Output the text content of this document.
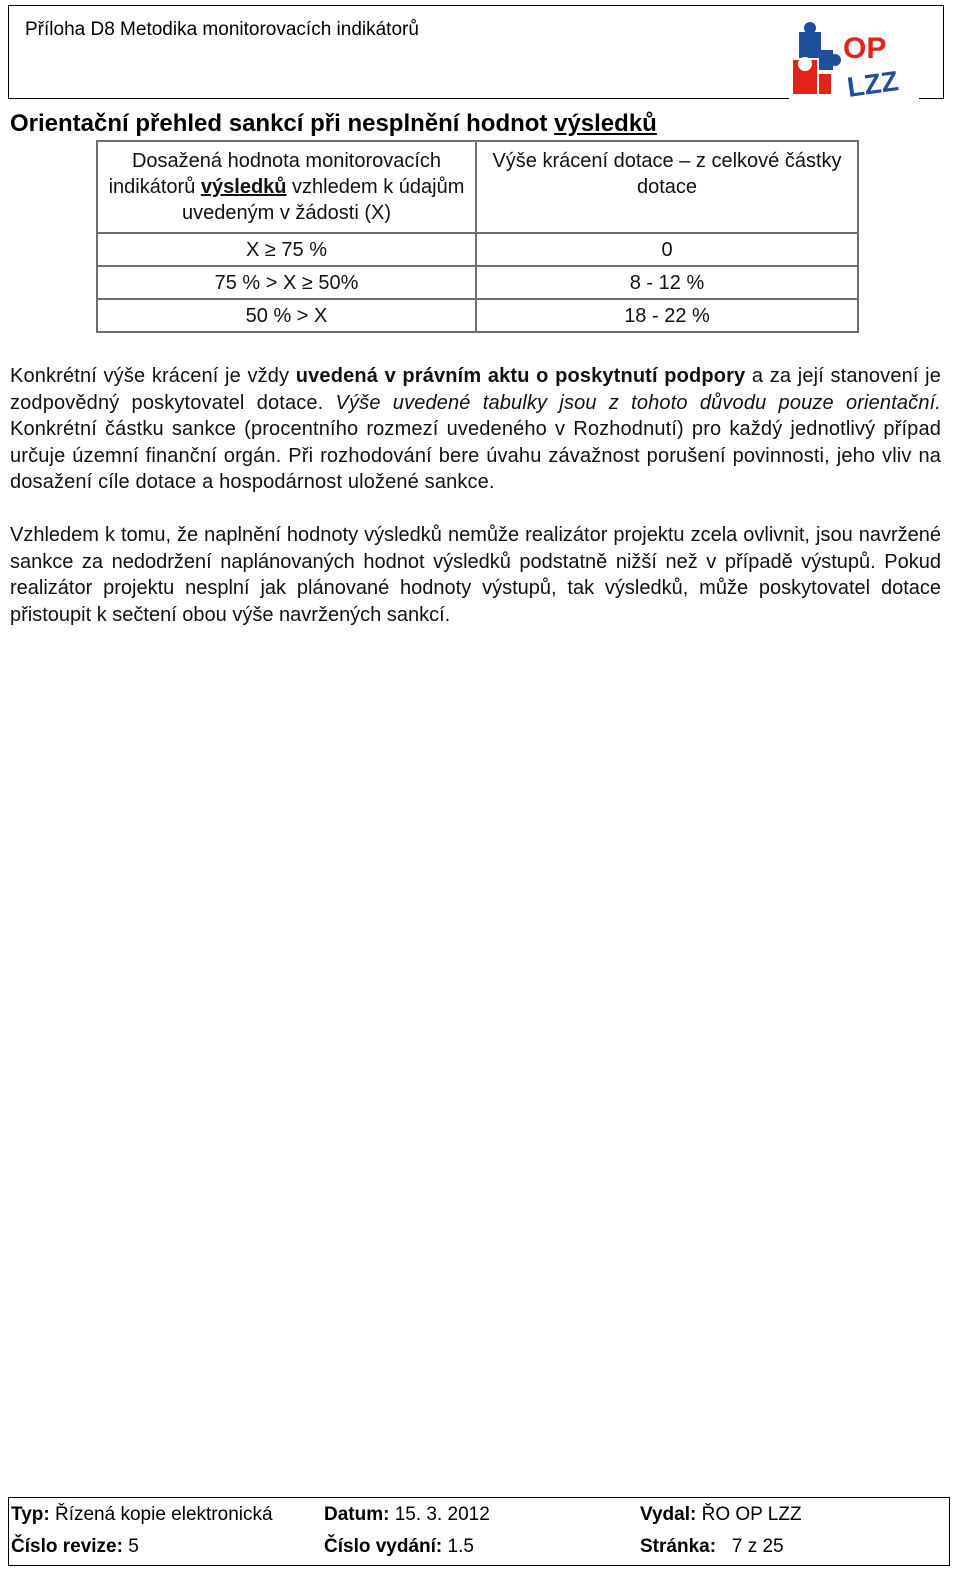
Příloha D8 Metodika monitorovacích indikátorů
OP
LZZ
Orientační přehled sankcí při nesplnění hodnot výsledků
Dosažená hodnota monitorovacích indikátorů výsledků vzhledem k údajům uvedeným v žádosti (X)	Výše krácení dotace – z celkové částky dotace
X ≥ 75 %	0
75 % > X ≥ 50%	8 - 12 %
50 % > X	18 - 22 %
Konkrétní výše krácení je vždy uvedená v právním aktu o poskytnutí podpory a za její stanovení je zodpovědný poskytovatel dotace. Výše uvedené tabulky jsou z tohoto důvodu pouze orientační. Konkrétní částku sankce (procentního rozmezí uvedeného v Rozhodnutí) pro každý jednotlivý případ určuje územní finanční orgán. Při rozhodování bere úvahu závažnost porušení povinnosti, jeho vliv na dosažení cíle dotace a hospodárnost uložené sankce.
Vzhledem k tomu, že naplnění hodnoty výsledků nemůže realizátor projektu zcela ovlivnit, jsou navržené sankce za nedodržení naplánovaných hodnot výsledků podstatně nižší než v případě výstupů. Pokud realizátor projektu nesplní jak plánované hodnoty výstupů, tak výsledků, může poskytovatel dotace přistoupit k sečtení obou výše navržených sankcí.
Typ: Řízená kopie elektronická	Datum: 15. 3. 2012	Vydal: ŘO OP LZZ
Číslo revize: 5	Číslo vydání: 1.5	Stránka:   7 z 25
